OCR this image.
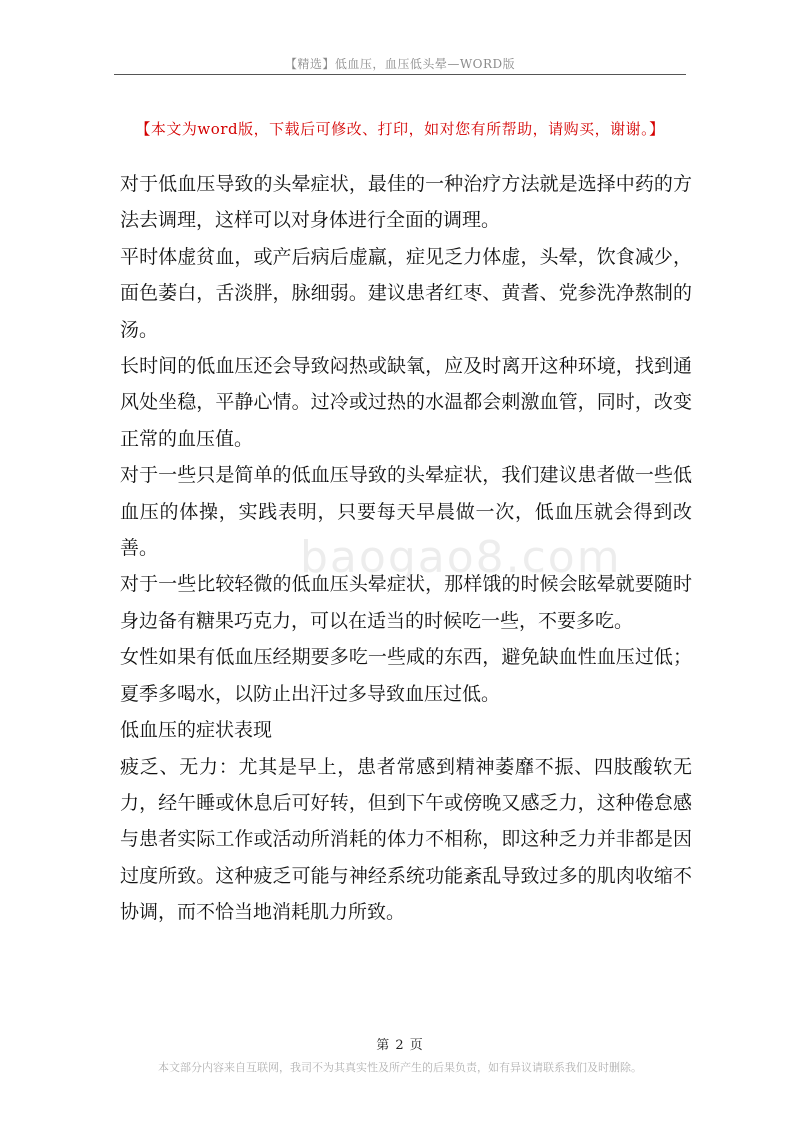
【精选】低血压，血压低头晕—WORD版
【本文为word版，下载后可修改、打印，如对您有所帮助，请购买，谢谢。】
baogao8.com

对于低血压导致的头晕症状，最佳的一种治疗方法就是选择中药的方法去调理，这样可以对身体进行全面的调理。

平时体虚贫血，或产后病后虚羸，症见乏力体虚，头晕，饮食减少，面色萎白，舌淡胖，脉细弱。建议患者红枣、黄耆、党参洗净熬制的汤。

长时间的低血压还会导致闷热或缺氧，应及时离开这种环境，找到通风处坐稳，平静心情。过冷或过热的水温都会刺激血管，同时，改变正常的血压值。

对于一些只是简单的低血压导致的头晕症状，我们建议患者做一些低血压的体操，实践表明，只要每天早晨做一次，低血压就会得到改善。

对于一些比较轻微的低血压头晕症状，那样饿的时候会眩晕就要随时身边备有糖果巧克力，可以在适当的时候吃一些，不要多吃。

女性如果有低血压经期要多吃一些咸的东西，避免缺血性血压过低；夏季多喝水，以防止出汗过多导致血压过低。

低血压的症状表现

疲乏、无力：尤其是早上，患者常感到精神萎靡不振、四肢酸软无力，经午睡或休息后可好转，但到下午或傍晚又感乏力，这种倦怠感与患者实际工作或活动所消耗的体力不相称，即这种乏力并非都是因过度所致。这种疲乏可能与神经系统功能紊乱导致过多的肌肉收缩不协调，而不恰当地消耗肌力所致。

第 2 页
本文部分内容来自互联网，我司不为其真实性及所产生的后果负责，如有异议请联系我们及时删除。
